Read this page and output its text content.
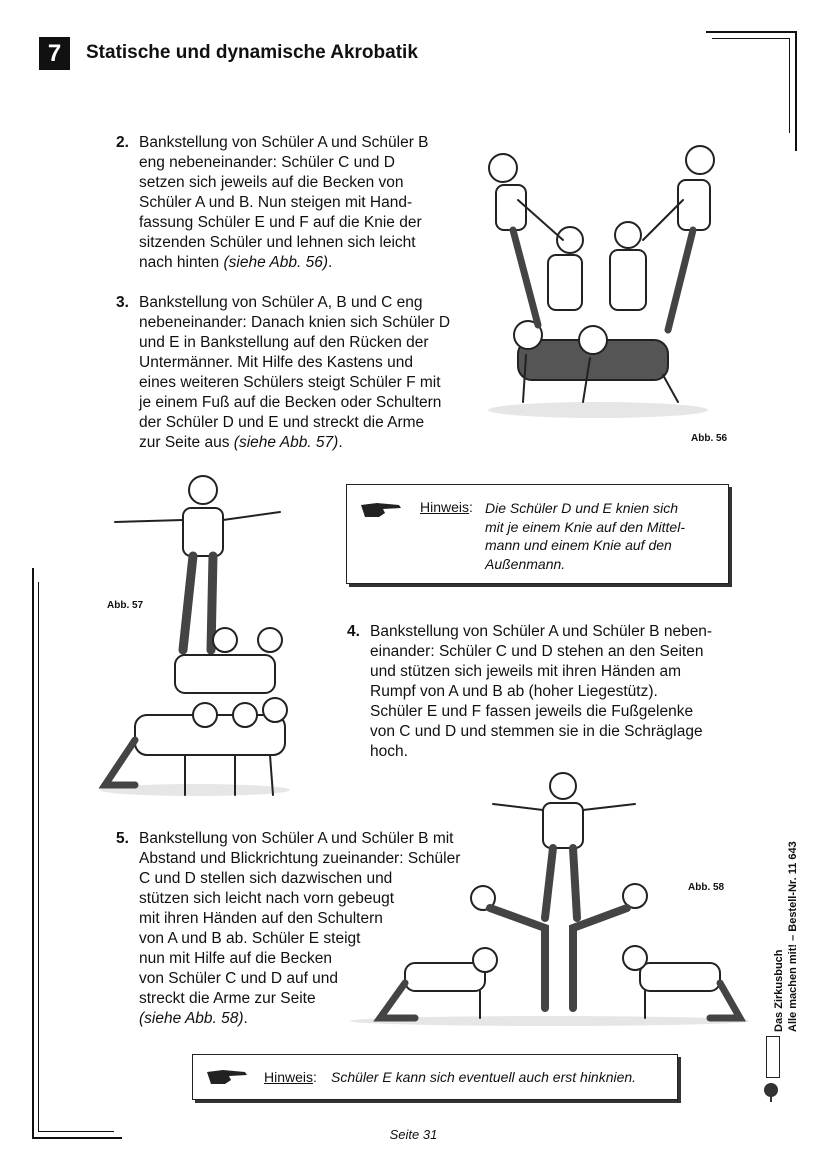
7 Statische und dynamische Akrobatik
2. Bankstellung von Schüler A und Schüler B
eng nebeneinander: Schüler C und D
setzen sich jeweils auf die Becken von
Schüler A und B. Nun steigen mit Hand-
fassung Schüler E und F auf die Knie der
sitzenden Schüler und lehnen sich leicht
nach hinten (siehe Abb. 56).
3. Bankstellung von Schüler A, B und C eng
nebeneinander: Danach knien sich Schüler D
und E in Bankstellung auf den Rücken der
Untermänner. Mit Hilfe des Kastens und
eines weiteren Schülers steigt Schüler F mit
je einem Fuß auf die Becken oder Schultern
der Schüler D und E und streckt die Arme
zur Seite aus (siehe Abb. 57).	Abb. 56
Hinweis: Die Schüler D und E knien sich
mit je einem Knie auf den Mittel-
mann und einem Knie auf den
Außenmann.
Abb. 57
4. Bankstellung von Schüler A und Schüler B neben-
einander: Schüler C und D stehen an den Seiten
und stützen sich jeweils mit ihren Händen am
Rumpf von A und B ab (hoher Liegestütz).
Schüler E und F fassen jeweils die Fußgelenke
von C und D und stemmen sie in die Schräglage
hoch.
5. Bankstellung von Schüler A und Schüler B mit
Abstand und Blickrichtung zueinander: Schüler
C und D stellen sich dazwischen und
stützen sich leicht nach vorn gebeugt
mit ihren Händen auf den Schultern
von A und B ab. Schüler E steigt
nun mit Hilfe auf die Becken
von Schüler C und D auf und
streckt die Arme zur Seite
(siehe Abb. 58).
Abb. 58
Hinweis: Schüler E kann sich eventuell auch erst hinknien.
Das Zirkusbuch Alle machen mit! – Bestell-Nr. 11 643
Seite 31
